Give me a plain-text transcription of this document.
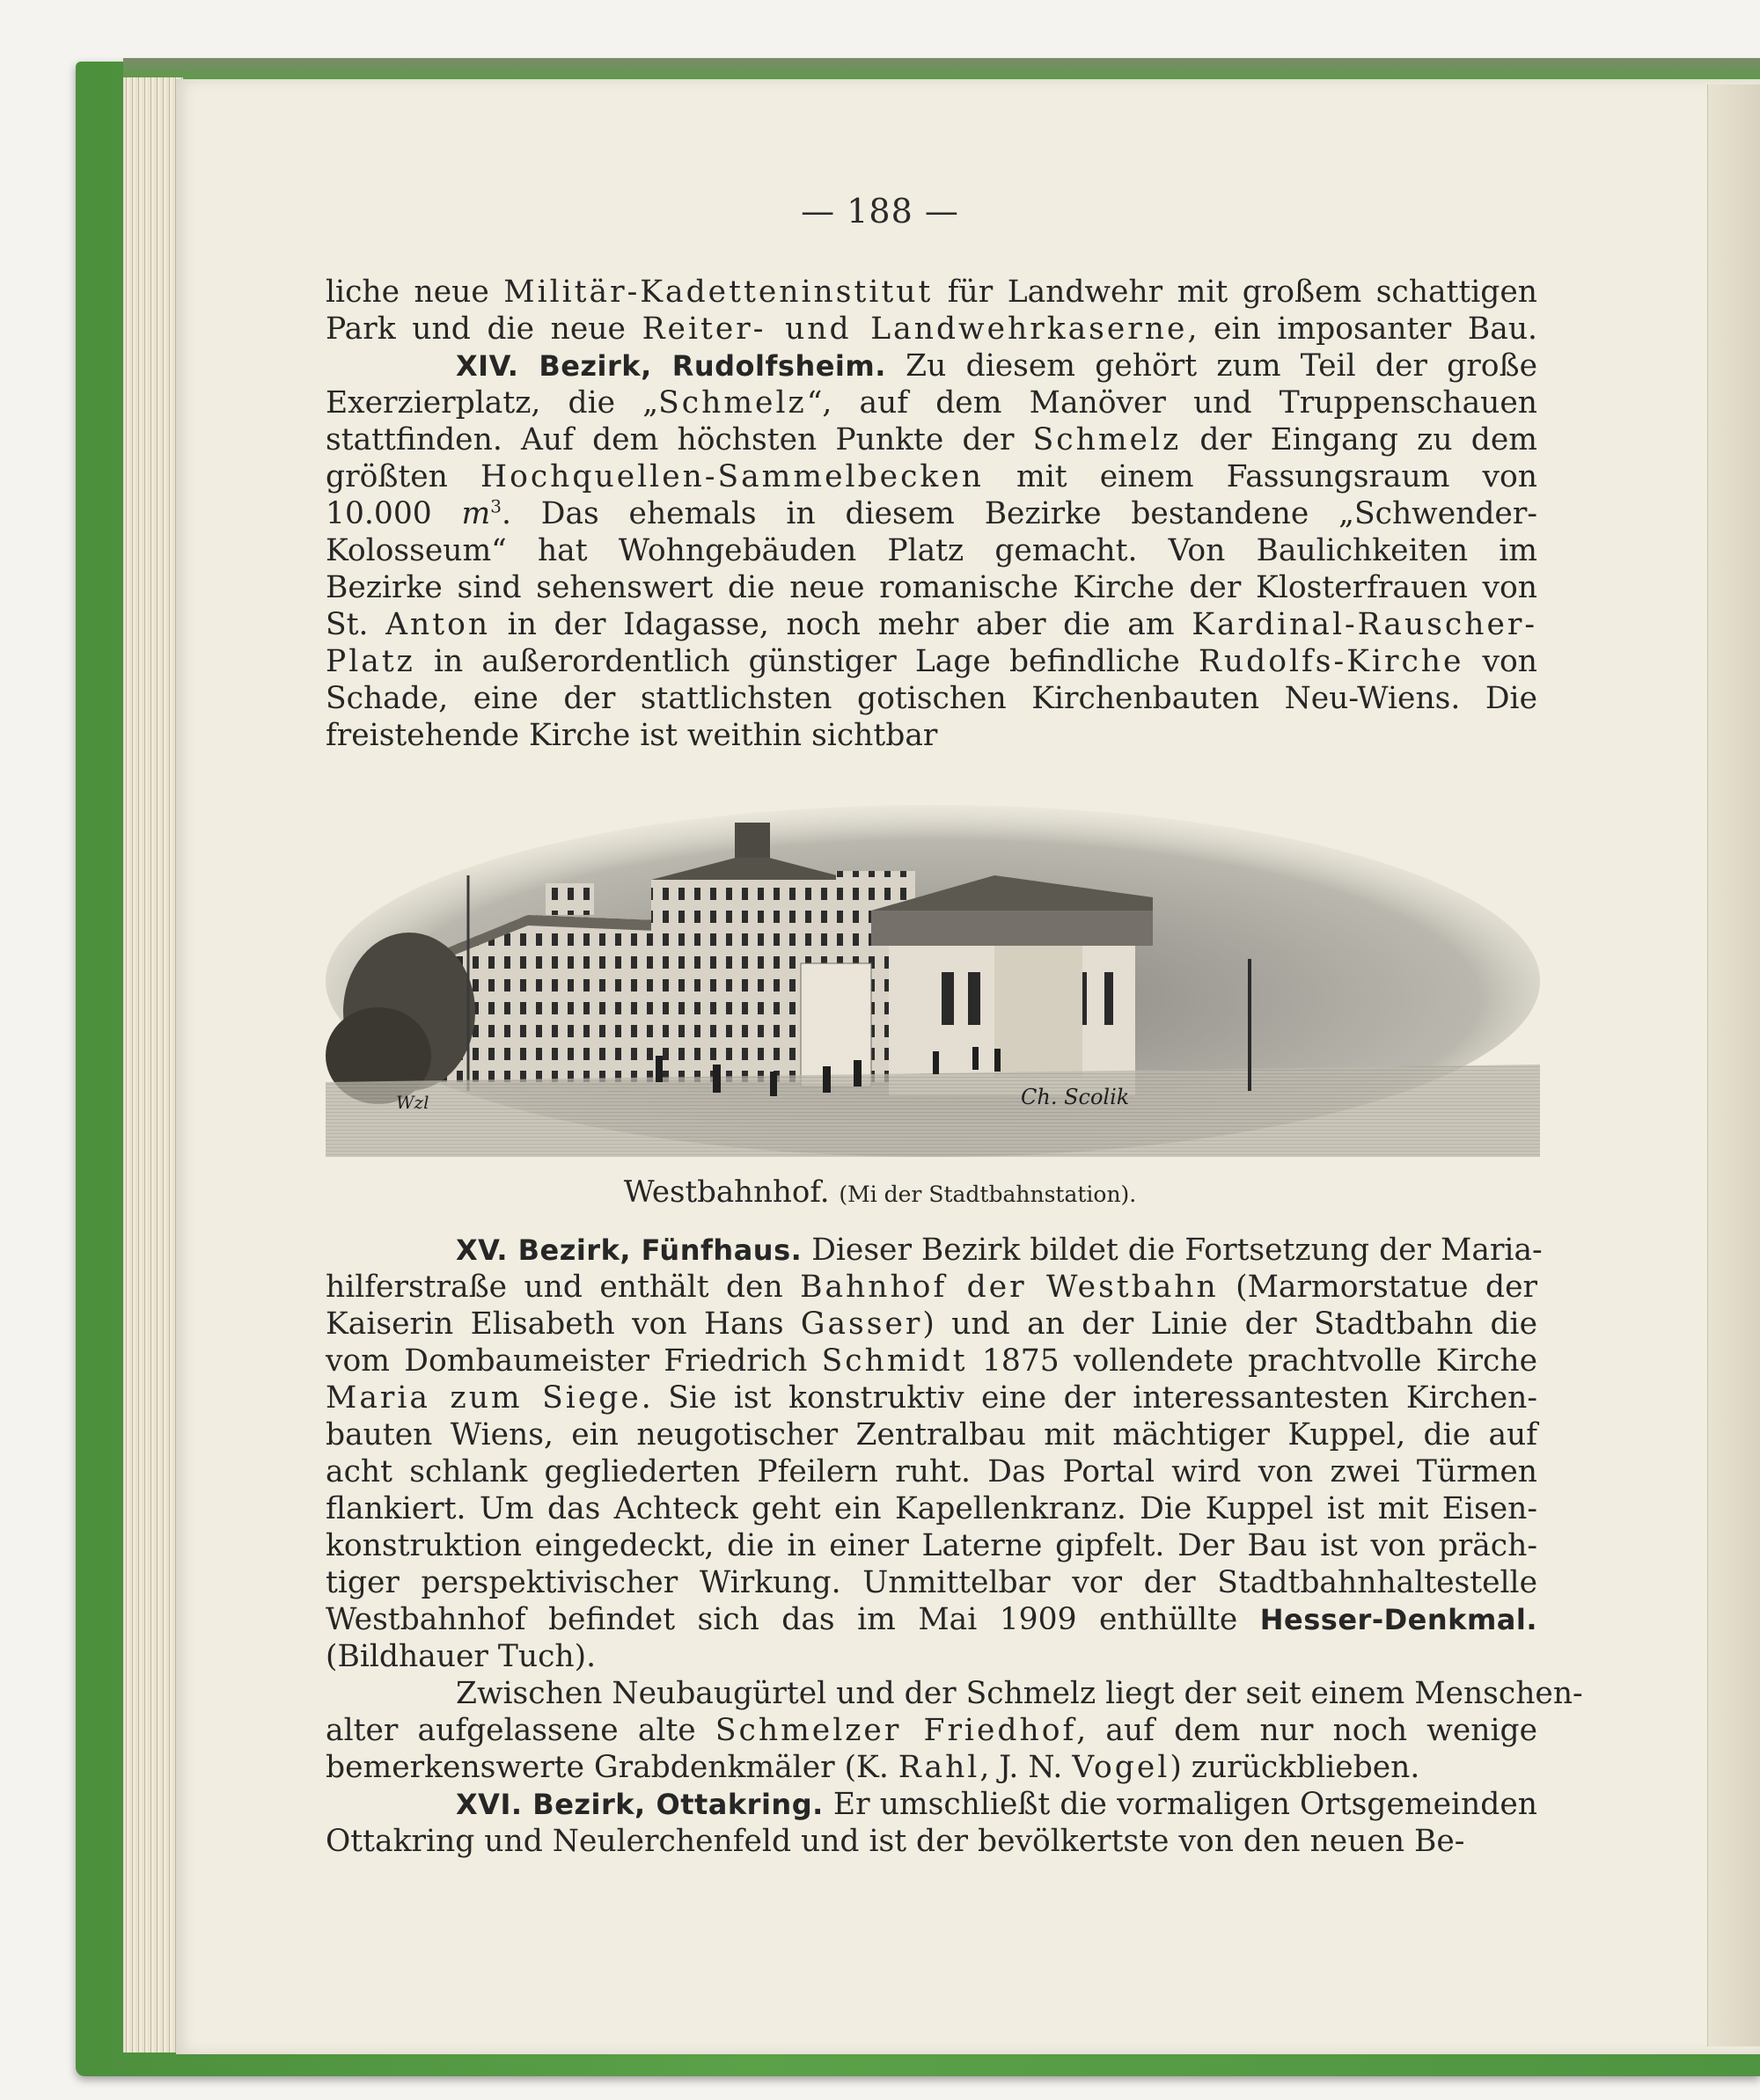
— 188 —
liche neue Militär-Kadetteninstitut für Landwehr mit großem schattigen
Park und die neue Reiter- und Landwehrkaserne, ein imposanter Bau.
Exerzierplatz, die „Schmelz“, auf dem Manöver und Truppenschauen
stattfinden. Auf dem höchsten Punkte der Schmelz der Eingang zu dem
größten Hochquellen-Sammelbecken mit einem Fassungsraum von
Kolosseum“ hat Wohngebäuden Platz gemacht. Von Baulichkeiten im
Bezirke sind sehenswert die neue romanische Kirche der Klosterfrauen von
St. Anton in der Idagasse, noch mehr aber die am Kardinal-Rauscher-
Platz in außerordentlich günstiger Lage befindliche Rudolfs-Kirche von
Schade, eine der stattlichsten gotischen Kirchenbauten Neu-Wiens. Die
freistehende Kirche ist weithin sichtbar
XIV. Bezirk, Rudolfsheim. Zu diesem gehört zum Teil der große
10.000 $m^3$. Das ehemals in diesem Bezirke bestandene „Schwender-
Ch. Scolik
Wzl
Westbahnhof. (Mi der Stadtbahnstation).
hilferstraße und enthält den Bahnhof der Westbahn (Marmorstatue der
Kaiserin Elisabeth von Hans Gasser) und an der Linie der Stadtbahn die
vom Dombaumeister Friedrich Schmidt 1875 vollendete prachtvolle Kirche
Maria zum Siege. Sie ist konstruktiv eine der interessantesten Kirchen-
bauten Wiens, ein neugotischer Zentralbau mit mächtiger Kuppel, die auf
acht schlank gegliederten Pfeilern ruht. Das Portal wird von zwei Türmen
flankiert. Um das Achteck geht ein Kapellenkranz. Die Kuppel ist mit Eisen-
konstruktion eingedeckt, die in einer Laterne gipfelt. Der Bau ist von präch-
tiger perspektivischer Wirkung. Unmittelbar vor der Stadtbahnhaltestelle
(Bildhauer Tuch).
alter aufgelassene alte Schmelzer Friedhof, auf dem nur noch wenige
bemerkenswerte Grabdenkmäler (K. Rahl, J. N. Vogel) zurückblieben.
Ottakring und Neulerchenfeld und ist der bevölkertste von den neuen Be-
XV. Bezirk, Fünfhaus. Dieser Bezirk bildet die Fortsetzung der Maria-
Westbahnhof befindet sich das im Mai 1909 enthüllte Hesser-Denkmal.
Zwischen Neubaugürtel und der Schmelz liegt der seit einem Menschen-
XVI. Bezirk, Ottakring. Er umschließt die vormaligen Ortsgemeinden
